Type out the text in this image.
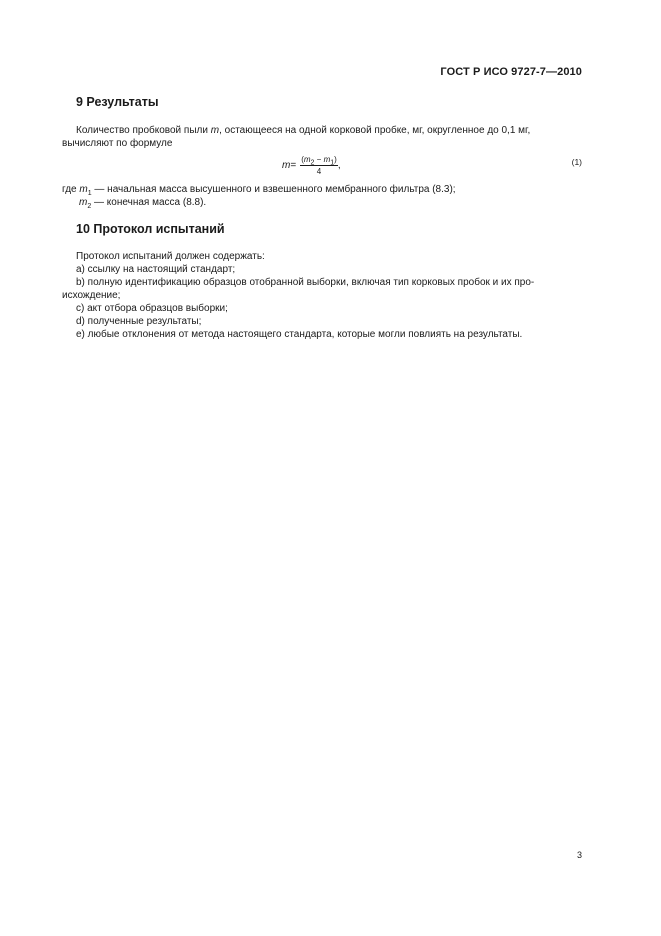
ГОСТ Р ИСО 9727-7—2010
9 Результаты
Количество пробковой пыли m, остающееся на одной корковой пробке, мг, округленное до 0,1 мг,
вычисляют по формуле
$m = \frac{(m_2 - m_1)}{4}$ ,	(1)
где $m_1$ — начальная масса высушенного и взвешенного мембранного фильтра (8.3);
$m_2$ — конечная масса (8.8).
10 Протокол испытаний
Протокол испытаний должен содержать:
a) ссылку на настоящий стандарт;
b) полную идентификацию образцов отобранной выборки, включая тип корковых пробок и их про-
исхождение;
c) акт отбора образцов выборки;
d) полученные результаты;
e) любые отклонения от метода настоящего стандарта, которые могли повлиять на результаты.
3
